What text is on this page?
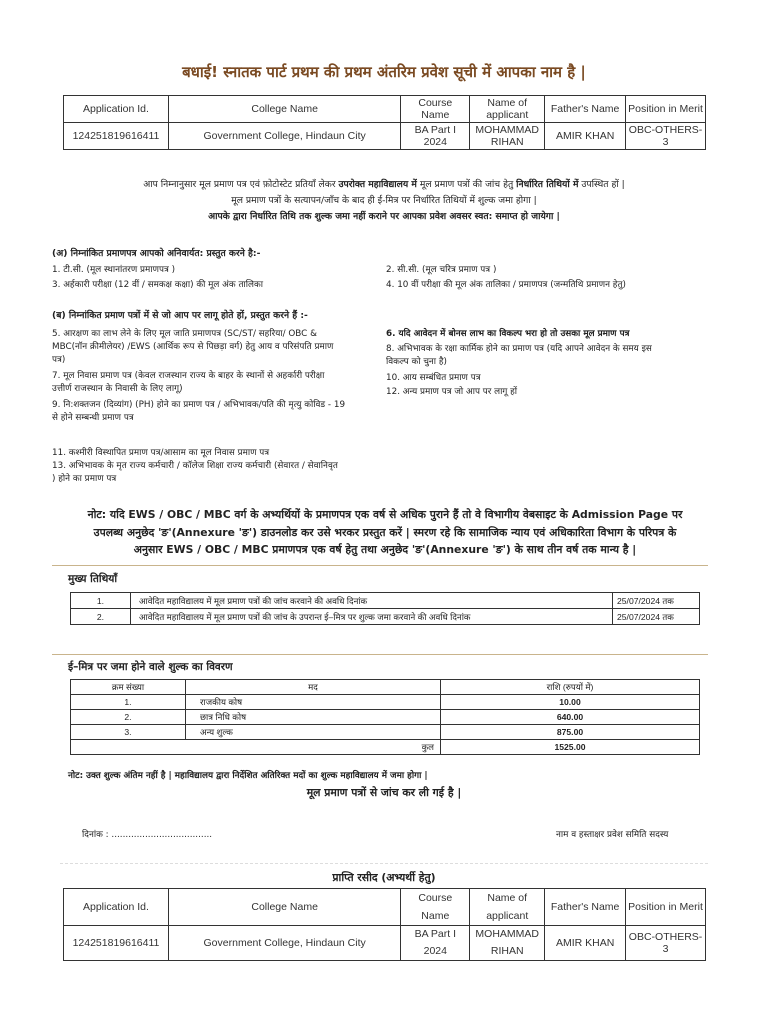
बधाई! स्नातक पार्ट प्रथम की प्रथम अंतरिम प्रवेश सूची में आपका नाम है |
Application Id.	College Name	Course Name	Name of applicant	Father's Name	Position in Merit
124251819616411	Government College, Hindaun City	BA Part I 2024	MOHAMMAD RIHAN	AMIR KHAN	OBC-OTHERS-3
आप निम्नानुसार मूल प्रमाण पत्र एवं फ़ोटोस्टेट प्रतियाँ लेकर उपरोक्त महाविद्यालय में मूल प्रमाण पत्रों की जांच हेतु निर्धारित तिथियों में उपस्थित हों |
मूल प्रमाण पत्रों के सत्यापन/जाँच के बाद ही ई-मित्र पर निर्धारित तिथियों में शुल्क जमा होगा |
आपके द्वारा निर्धारित तिथि तक शुल्क जमा नहीं कराने पर आपका प्रवेश अवसर स्वत: समाप्त हो जायेगा |
(अ) निम्नांकित प्रमाणपत्र आपको अनिवार्यत: प्रस्तुत करने है:-
1. टी.सी. (मूल स्थानांतरण प्रमाणपत्र )	2. सी.सी. (मूल चरित्र प्रमाण पत्र )
3. अर्हकारी परीक्षा (12 वीं / समकक्ष कक्षा) की मूल अंक तालिका	4. 10 वीं परीक्षा की मूल अंक तालिका / प्रमाणपत्र (जन्मतिथि प्रमाणन हेतु)
(ब) निम्नांकित प्रमाण पत्रों में से जो आप पर लागू होते हों, प्रस्तुत करने हैं :-
5. आरक्षण का लाभ लेने के लिए मूल जाति प्रमाणपत्र (SC/ST/ सहरिया/ OBC &
MBC(नॉन क्रीमीलेयर) /EWS (आर्थिक रूप से पिछड़ा वर्ग) हेतु आय व परिसंपति प्रमाण
पत्र)
7. मूल निवास प्रमाण पत्र (केवल राजस्थान राज्य के बाहर के स्थानों से अहर्कारी परीक्षा
उत्तीर्ण राजस्थान के निवासी के लिए लागू)
9. नि:शक्तजन (दिव्यांग) (PH) होने का प्रमाण पत्र / अभिभावक/पति की मृत्यु कोविड - 19
से होने सम्बन्धी प्रमाण पत्र
6. यदि आवेदन में बोनस लाभ का विकल्प भरा हो तो उसका मूल प्रमाण पत्र
8. अभिभावक के रक्षा कार्मिक होने का प्रमाण पत्र (यदि आपने आवेदन के समय इस
विकल्प को चुना है)
10. आय सम्बंधित प्रमाण पत्र
12. अन्य प्रमाण पत्र जो आप पर लागू हों
11. कश्मीरी विस्थापित प्रमाण पत्र/आसाम का मूल निवास प्रमाण पत्र
13. अभिभावक के मृत राज्य कर्मचारी / कॉलेज शिक्षा राज्य कर्मचारी (सेवारत / सेवानिवृत
) होने का प्रमाण पत्र
नोट: यदि EWS / OBC / MBC वर्ग के अभ्यर्थियों के प्रमाणपत्र एक वर्ष से अधिक पुराने हैं तो वे विभागीय वेबसाइट के Admission Page पर
उपलब्ध अनुछेद 'ङ'(Annexure 'ङ') डाउनलोड कर उसे भरकर प्रस्तुत करें | स्मरण रहे कि सामाजिक न्याय एवं अधिकारिता विभाग के परिपत्र के
अनुसार EWS / OBC / MBC प्रमाणपत्र एक वर्ष हेतु तथा अनुछेद 'ङ'(Annexure 'ङ') के साथ तीन वर्ष तक मान्य है |
मुख्य तिथियाँ
1.	आवेदित महाविद्यालय में मूल प्रमाण पत्रों की जांच करवाने की अवधि दिनांक	25/07/2024 तक
2.	आवेदित महाविद्यालय में मूल प्रमाण पत्रों की जांच के उपरान्त ई–मित्र पर शुल्क जमा करवाने की अवधि दिनांक	25/07/2024 तक
ई–मित्र पर जमा होने वाले शुल्क का विवरण
क्रम संख्या	मद	राशि (रुपयों में)
1.	राजकीय कोष	10.00
2.	छात्र निधि कोष	640.00
3.	अन्य शुल्क	875.00
	कुल	1525.00
नोट: उक्त शुल्क अंतिम नहीं है | महाविद्यालय द्वारा निर्देशित अतिरिक्त मदों का शुल्क महाविद्यालय में जमा होगा |
मूल प्रमाण पत्रों से जांच कर ली गई है |
दिनांक : ....................................	नाम व हस्ताक्षर प्रवेश समिति सदस्य
प्राप्ति रसीद (अभ्यर्थी हेतु)
Application Id.	College Name	Course Name	Name of applicant	Father's Name	Position in Merit
124251819616411	Government College, Hindaun City	BA Part I 2024	MOHAMMAD RIHAN	AMIR KHAN	OBC-OTHERS-3
